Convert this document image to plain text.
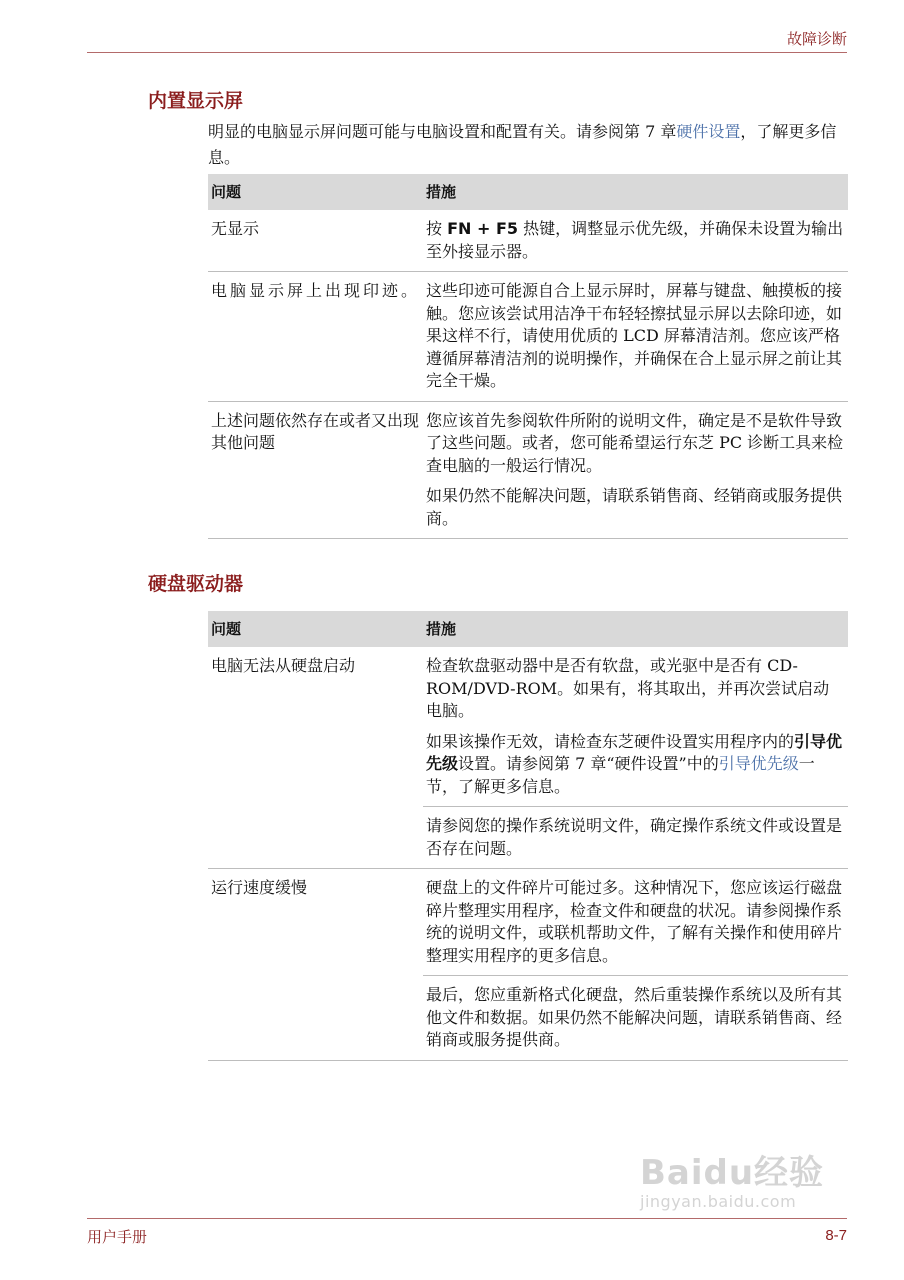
故障诊断
内置显示屏
明显的电脑显示屏问题可能与电脑设置和配置有关。请参阅第 7 章硬件设置，了解更多信息。
问题	措施
无显示	按 FN + F5 热键，调整显示优先级，并确保未设置为输出至外接显示器。
电脑显示屏上出现印迹。	这些印迹可能源自合上显示屏时，屏幕与键盘、触摸板的接触。您应该尝试用洁净干布轻轻擦拭显示屏以去除印迹，如果这样不行，请使用优质的 LCD 屏幕清洁剂。您应该严格遵循屏幕清洁剂的说明操作，并确保在合上显示屏之前让其完全干燥。
上述问题依然存在或者又出现其他问题	您应该首先参阅软件所附的说明文件，确定是不是软件导致了这些问题。或者，您可能希望运行东芝 PC 诊断工具来检查电脑的一般运行情况。
	如果仍然不能解决问题，请联系销售商、经销商或服务提供商。
硬盘驱动器
问题	措施
电脑无法从硬盘启动	检查软盘驱动器中是否有软盘，或光驱中是否有 CD-ROM/DVD-ROM。如果有，将其取出，并再次尝试启动电脑。
	如果该操作无效，请检查东芝硬件设置实用程序内的引导优先级设置。请参阅第 7 章“硬件设置”中的引导优先级一节，了解更多信息。
	请参阅您的操作系统说明文件，确定操作系统文件或设置是否存在问题。
运行速度缓慢	硬盘上的文件碎片可能过多。这种情况下，您应该运行磁盘碎片整理实用程序，检查文件和硬盘的状况。请参阅操作系统的说明文件，或联机帮助文件，了解有关操作和使用碎片整理实用程序的更多信息。
	最后，您应重新格式化硬盘，然后重装操作系统以及所有其他文件和数据。如果仍然不能解决问题，请联系销售商、经销商或服务提供商。
Baidu经验
jingyan.baidu.com
用户手册	8-7
